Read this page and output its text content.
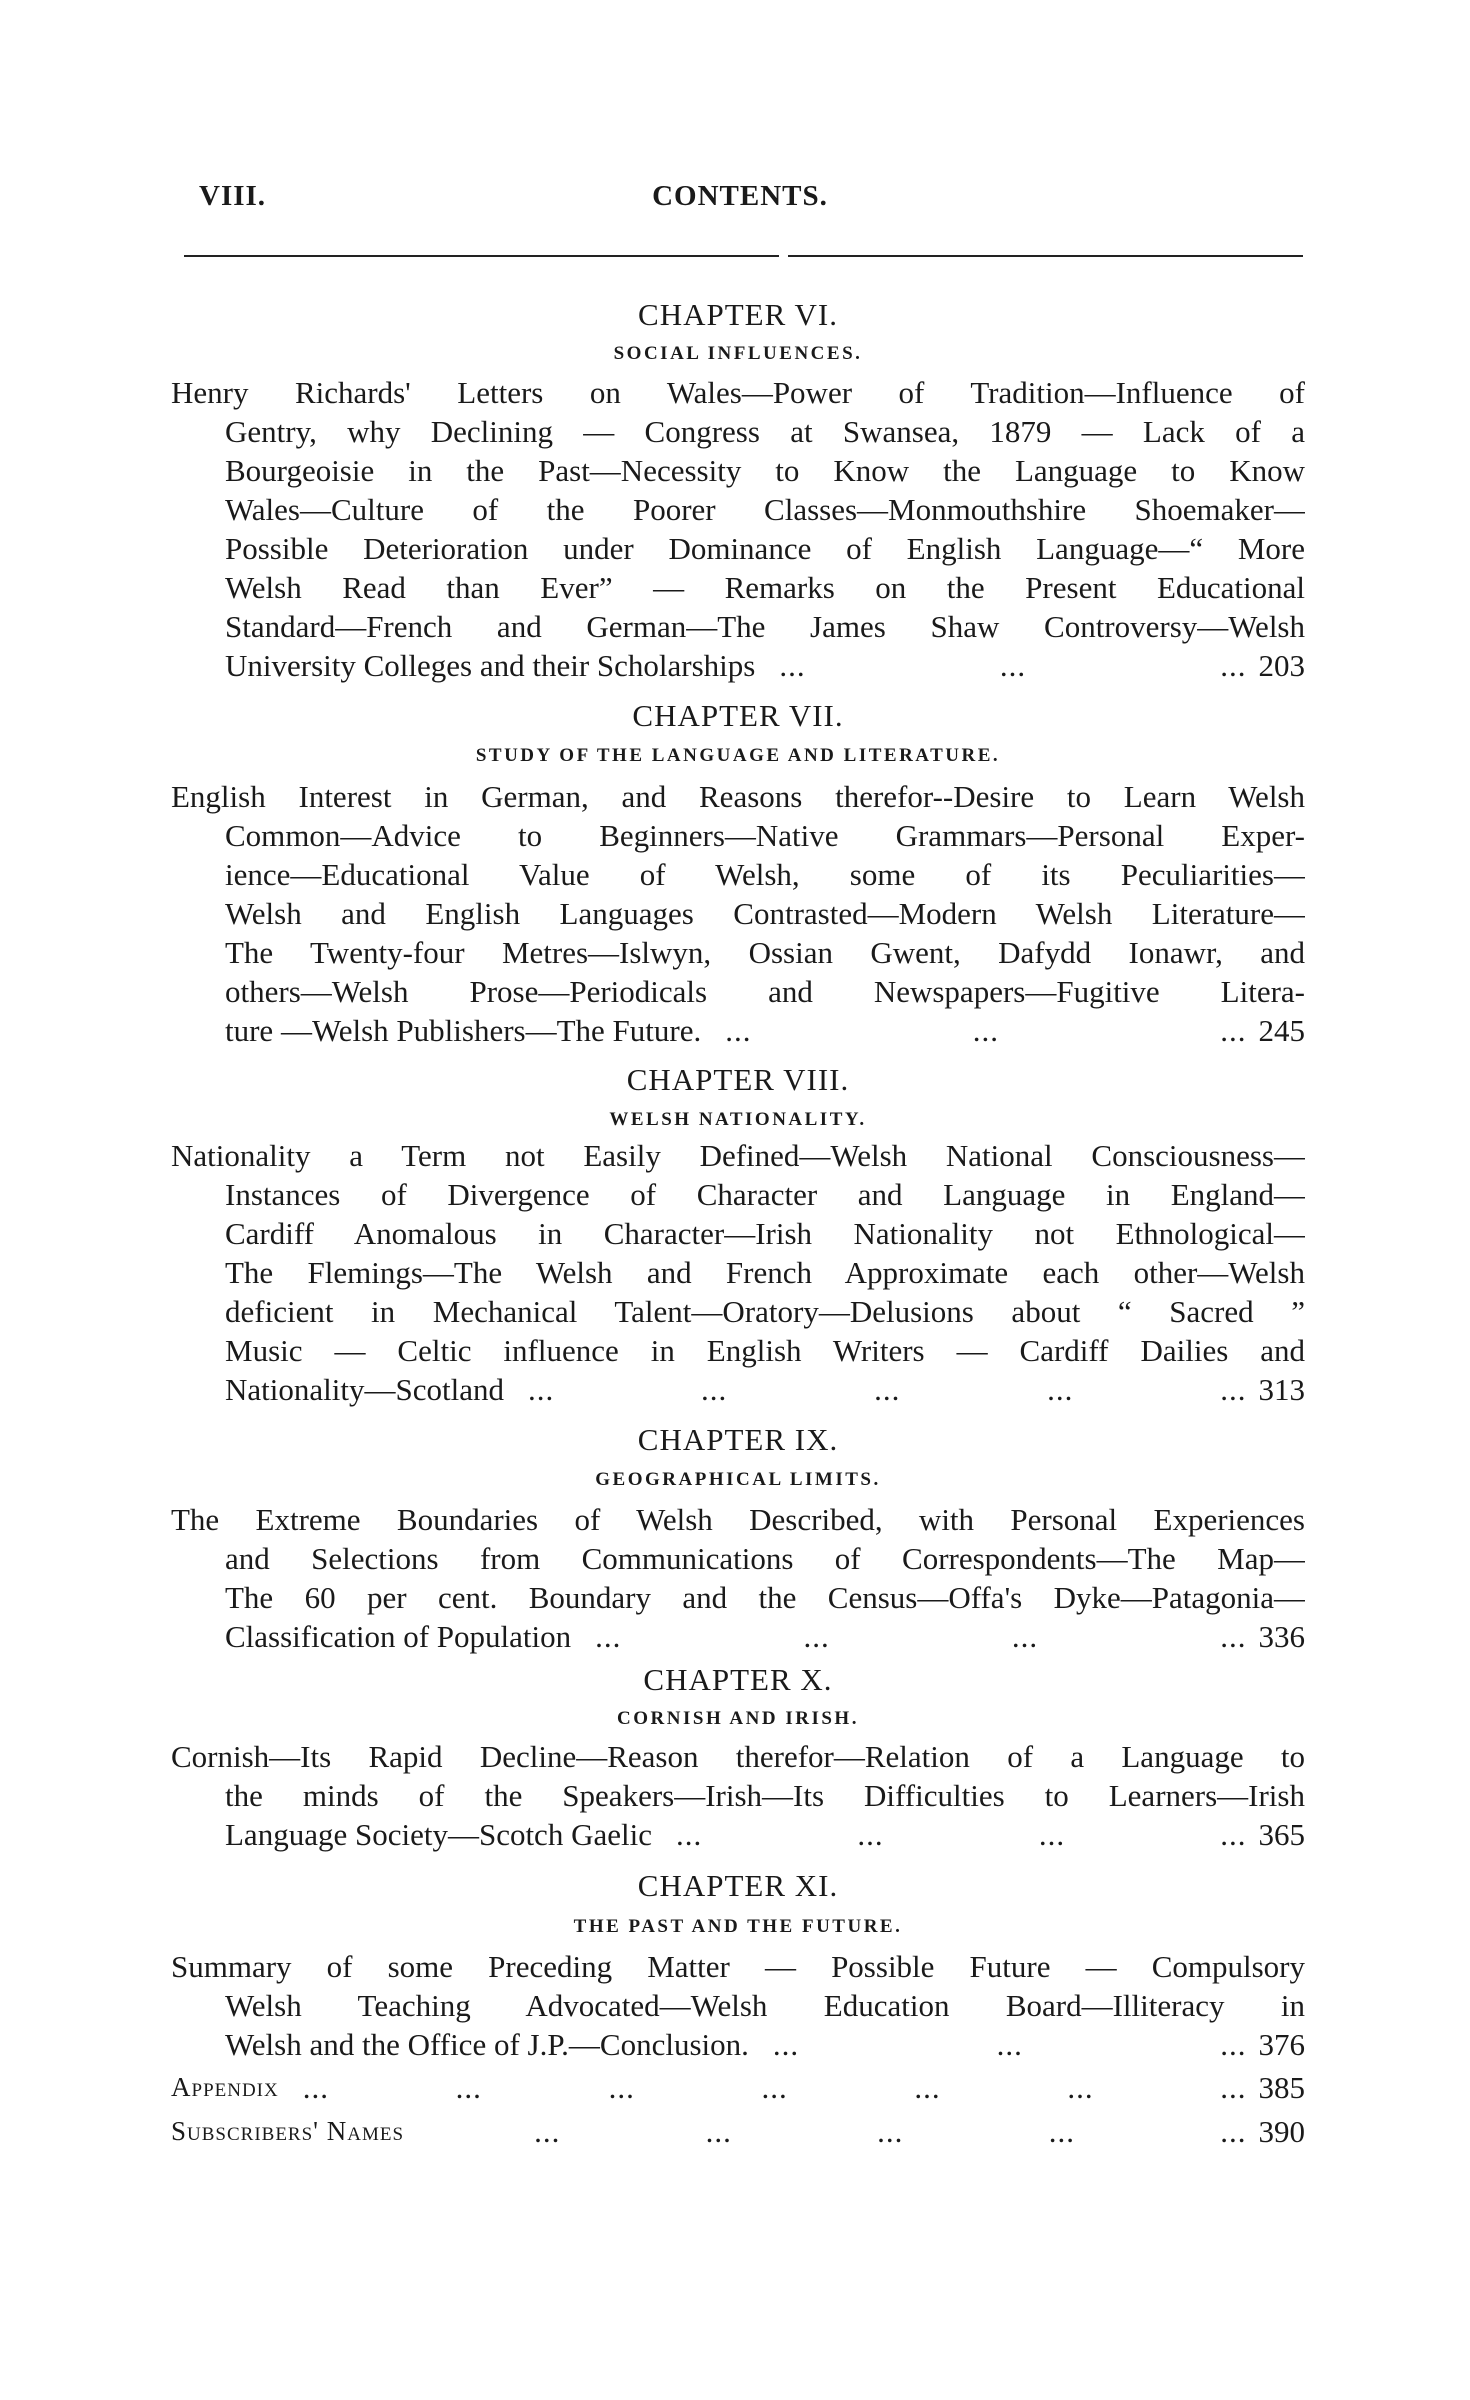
VIII.	CONTENTS.
CHAPTER VI.
SOCIAL INFLUENCES.
Henry Richards' Letters on Wales—Power of Tradition—Influence of
Gentry, why Declining — Congress at Swansea, 1879 — Lack of a
Bourgeoisie in the Past—Necessity to Know the Language to Know
Wales—Culture of the Poorer Classes—Monmouthshire Shoemaker—
Possible Deterioration under Dominance of English Language—“ More
Welsh Read than Ever” — Remarks on the Present Educational
Standard—French and German—The James Shaw Controversy—Welsh
University Colleges and their Scholarships ... ... ... 203
CHAPTER VII.
STUDY OF THE LANGUAGE AND LITERATURE.
English Interest in German, and Reasons therefor--Desire to Learn Welsh
Common—Advice to Beginners—Native Grammars—Personal Exper-
ience—Educational Value of Welsh, some of its Peculiarities—
Welsh and English Languages Contrasted—Modern Welsh Literature—
The Twenty-four Metres—Islwyn, Ossian Gwent, Dafydd Ionawr, and
others—Welsh Prose—Periodicals and Newspapers—Fugitive Litera-
ture —Welsh Publishers—The Future. ... ... ... 245
CHAPTER VIII.
WELSH NATIONALITY.
Nationality a Term not Easily Defined—Welsh National Consciousness—
Instances of Divergence of Character and Language in England—
Cardiff Anomalous in Character—Irish Nationality not Ethnological—
The Flemings—The Welsh and French Approximate each other—Welsh
deficient in Mechanical Talent—Oratory—Delusions about “ Sacred ”
Music — Celtic influence in English Writers — Cardiff Dailies and
Nationality—Scotland ... ... ... ... ... 313
CHAPTER IX.
GEOGRAPHICAL LIMITS.
The Extreme Boundaries of Welsh Described, with Personal Experiences
and Selections from Communications of Correspondents—The Map—
The 60 per cent. Boundary and the Census—Offa's Dyke—Patagonia—
Classification of Population ... ... ... ... 336
CHAPTER X.
CORNISH AND IRISH.
Cornish—Its Rapid Decline—Reason therefor—Relation of a Language to
the minds of the Speakers—Irish—Its Difficulties to Learners—Irish
Language Society—Scotch Gaelic ... ... ... ... 365
CHAPTER XI.
THE PAST AND THE FUTURE.
Summary of some Preceding Matter — Possible Future — Compulsory
Welsh Teaching Advocated—Welsh Education Board—Illiteracy in
Welsh and the Office of J.P.—Conclusion. ... ... ... 376
Appendix ... ... ... ... ... ... ... 385
Subscribers' Names	... ... ... ... ... 390
